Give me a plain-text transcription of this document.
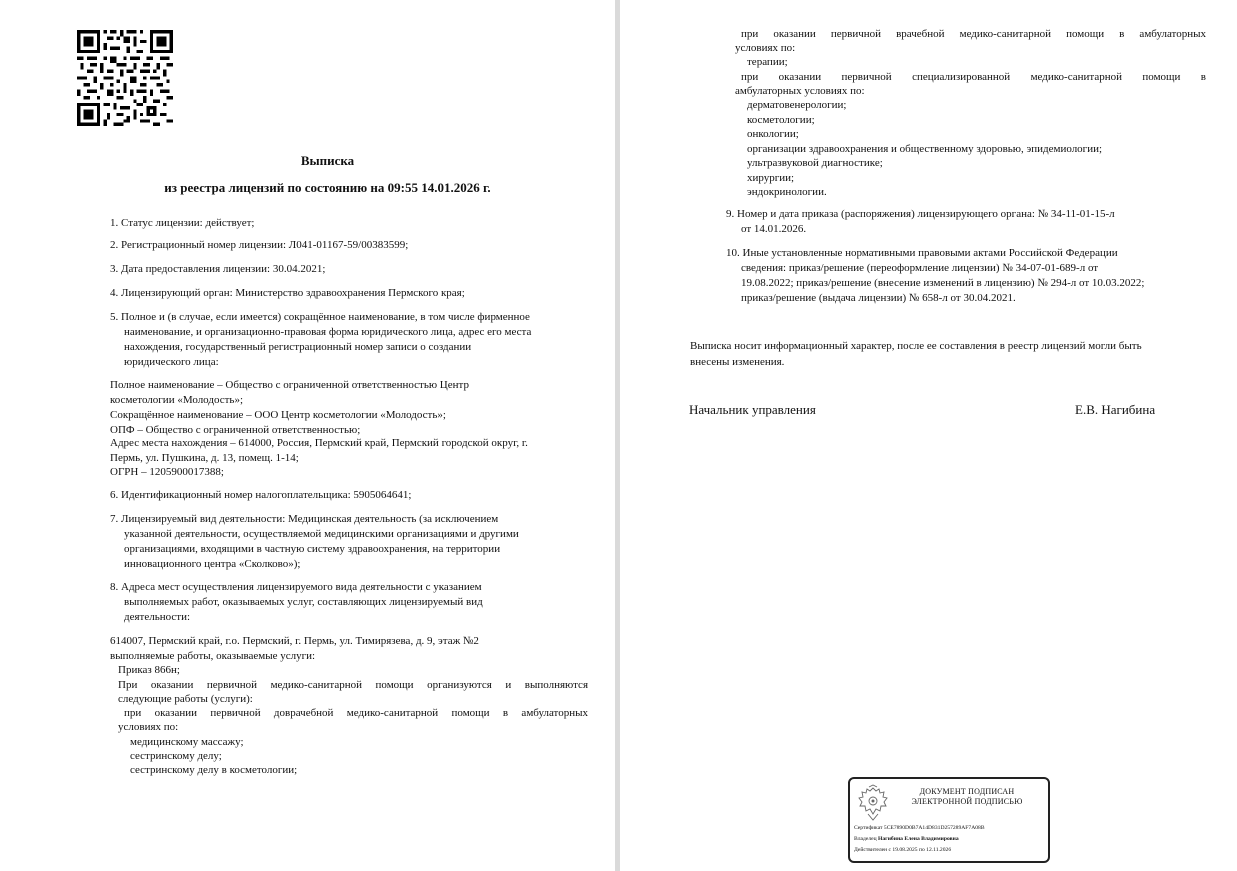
Выписка
из реестра лицензий по состоянию на 09:55 14.01.2026 г.
1. Статус лицензии: действует;
2. Регистрационный номер лицензии: Л041-01167-59/00383599;
3. Дата предоставления лицензии: 30.04.2021;
4. Лицензирующий орган: Министерство здравоохранения Пермского края;
5. Полное и (в случае, если имеется) сокращённое наименование, в том числе фирменное
наименование, и организационно-правовая форма юридического лица, адрес его места
нахождения, государственный регистрационный номер записи о создании
юридического лица:
Полное наименование – Общество с ограниченной ответственностью Центр
косметологии «Молодость»;
Сокращённое наименование – ООО Центр косметологии «Молодость»;
ОПФ – Общество с ограниченной ответственностью;
Адрес места нахождения – 614000, Россия, Пермский край, Пермский городской округ, г.
Пермь, ул. Пушкина, д. 13, помещ. 1-14;
ОГРН – 1205900017388;
6. Идентификационный номер налогоплательщика: 5905064641;
7. Лицензируемый вид деятельности: Медицинская деятельность (за исключением
указанной деятельности, осуществляемой медицинскими организациями и другими
организациями, входящими в частную систему здравоохранения, на территории
инновационного центра «Сколково»);
8. Адреса мест осуществления лицензируемого вида деятельности с указанием
выполняемых работ, оказываемых услуг, составляющих лицензируемый вид
деятельности:
614007, Пермский край, г.о. Пермский, г. Пермь, ул. Тимирязева, д. 9, этаж №2
выполняемые работы, оказываемые услуги:
Приказ 866н;
При оказании первичной медико-санитарной помощи организуются и выполняются
следующие работы (услуги):
при оказании первичной доврачебной медико-санитарной помощи в амбулаторных
условиях по:
медицинскому массажу;
сестринскому делу;
сестринскому делу в косметологии;
при оказании первичной врачебной медико-санитарной помощи в амбулаторных
условиях по:
терапии;
при оказании первичной специализированной медико-санитарной помощи в
амбулаторных условиях по:
дерматовенерологии;
косметологии;
онкологии;
организации здравоохранения и общественному здоровью, эпидемиологии;
ультразвуковой диагностике;
хирургии;
эндокринологии.
9. Номер и дата приказа (распоряжения) лицензирующего органа: № 34-11-01-15-л
от 14.01.2026.
10. Иные установленные нормативными правовыми актами Российской Федерации
сведения: приказ/решение (переоформление лицензии) № 34-07-01-689-л от
19.08.2022; приказ/решение (внесение изменений в лицензию) № 294-л от 10.03.2022;
приказ/решение (выдача лицензии) № 658-л от 30.04.2021.
Выписка носит информационный характер, после ее составления в реестр лицензий могли быть
внесены изменения.
Начальник управления	Е.В. Нагибина
ДОКУМЕНТ ПОДПИСАН
ЭЛЕКТРОННОЙ ПОДПИСЬЮ
Сертификат 5CE7890D0B7A14D831D257289AF7A08B
Владелец Нагибина Елена Владимировна
Действителен с 19.08.2025 по 12.11.2026
